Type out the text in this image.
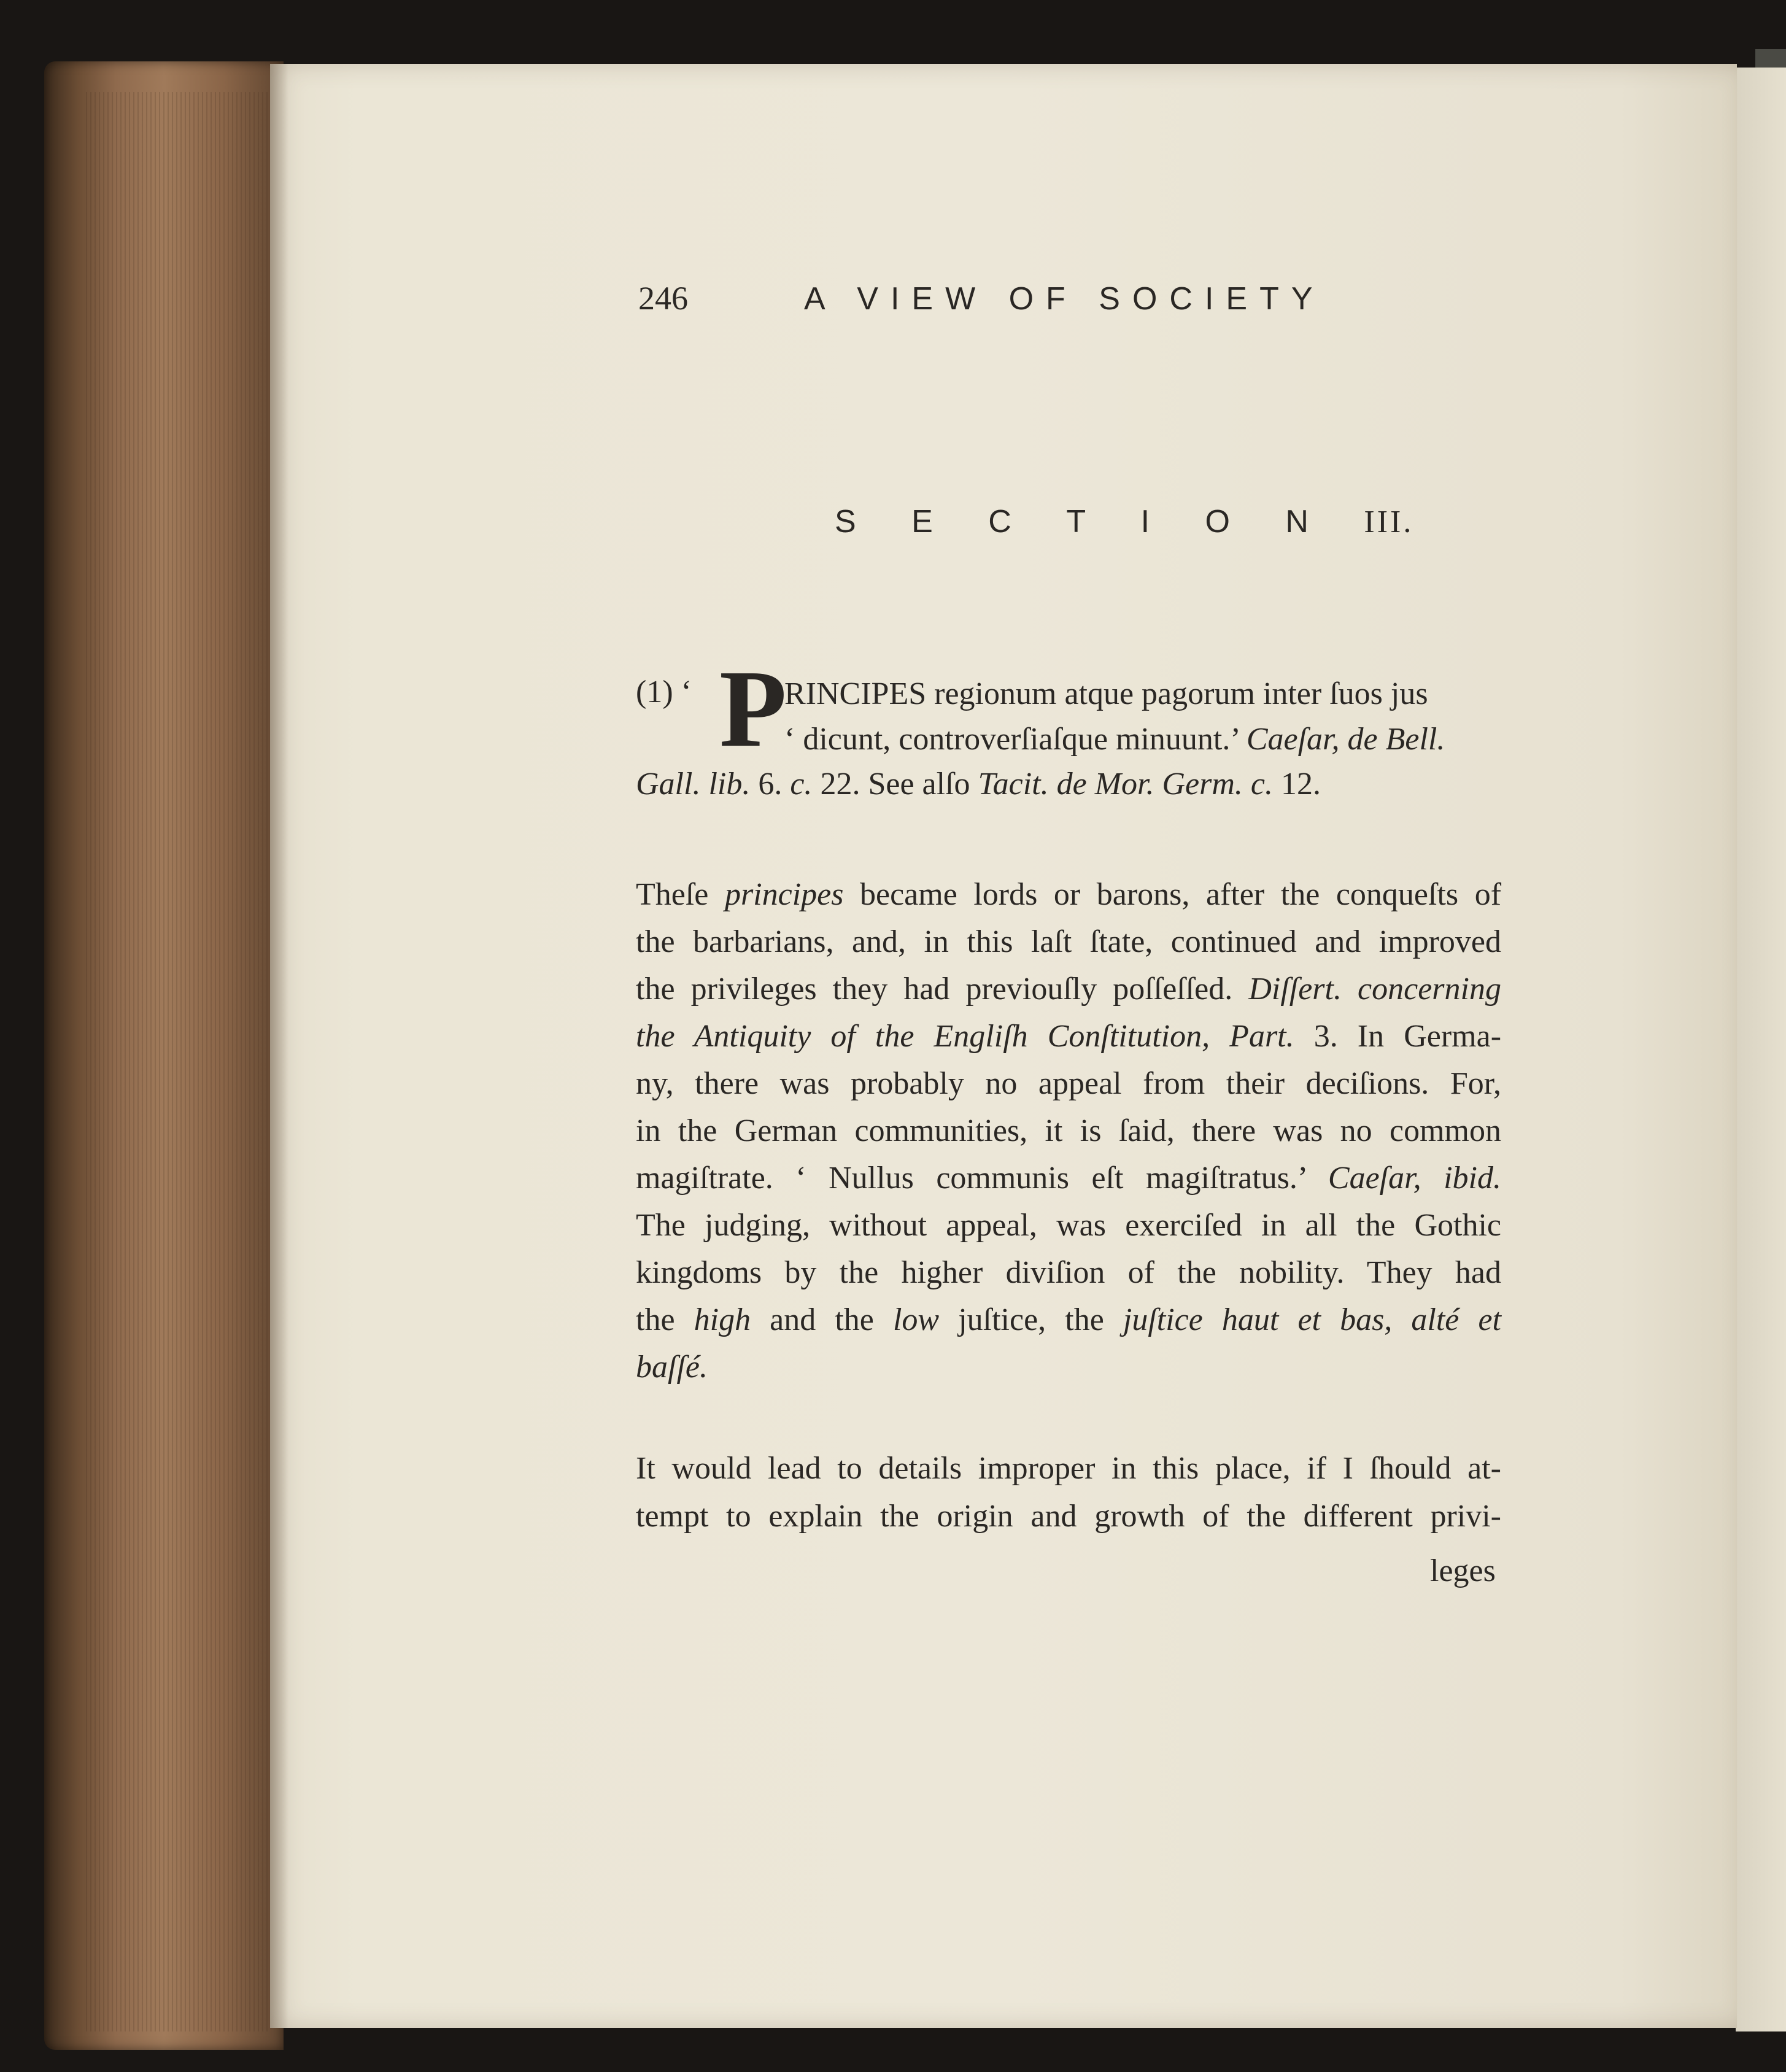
246	A VIEW OF SOCIETY
S E C T I O N III.
(1) ‘ P
RINCIPES regionum atque pagorum inter ſuos jus
‘ dicunt, controverſiaſque minuunt.’ Caeſar, de Bell.
Gall. lib. 6. c. 22. See alſo Tacit. de Mor. Germ. c. 12.
Theſe principes became lords or barons, after the conqueſts of
the barbarians, and, in this laſt ſtate, continued and improved
the privileges they had previouſly poſſeſſed. Diſſert. concerning
the Antiquity of the Engliſh Conſtitution, Part. 3. In Germa-
ny, there was probably no appeal from their deciſions. For,
in the German communities, it is ſaid, there was no common
magiſtrate. ‘ Nullus communis eſt magiſtratus.’ Caeſar, ibid.
The judging, without appeal, was exerciſed in all the Gothic
kingdoms by the higher diviſion of the nobility. They had
the high and the low juſtice, the juſtice haut et bas, alté et
baſſé.
It would lead to details improper in this place, if I ſhould at-
tempt to explain the origin and growth of the different privi-
leges
